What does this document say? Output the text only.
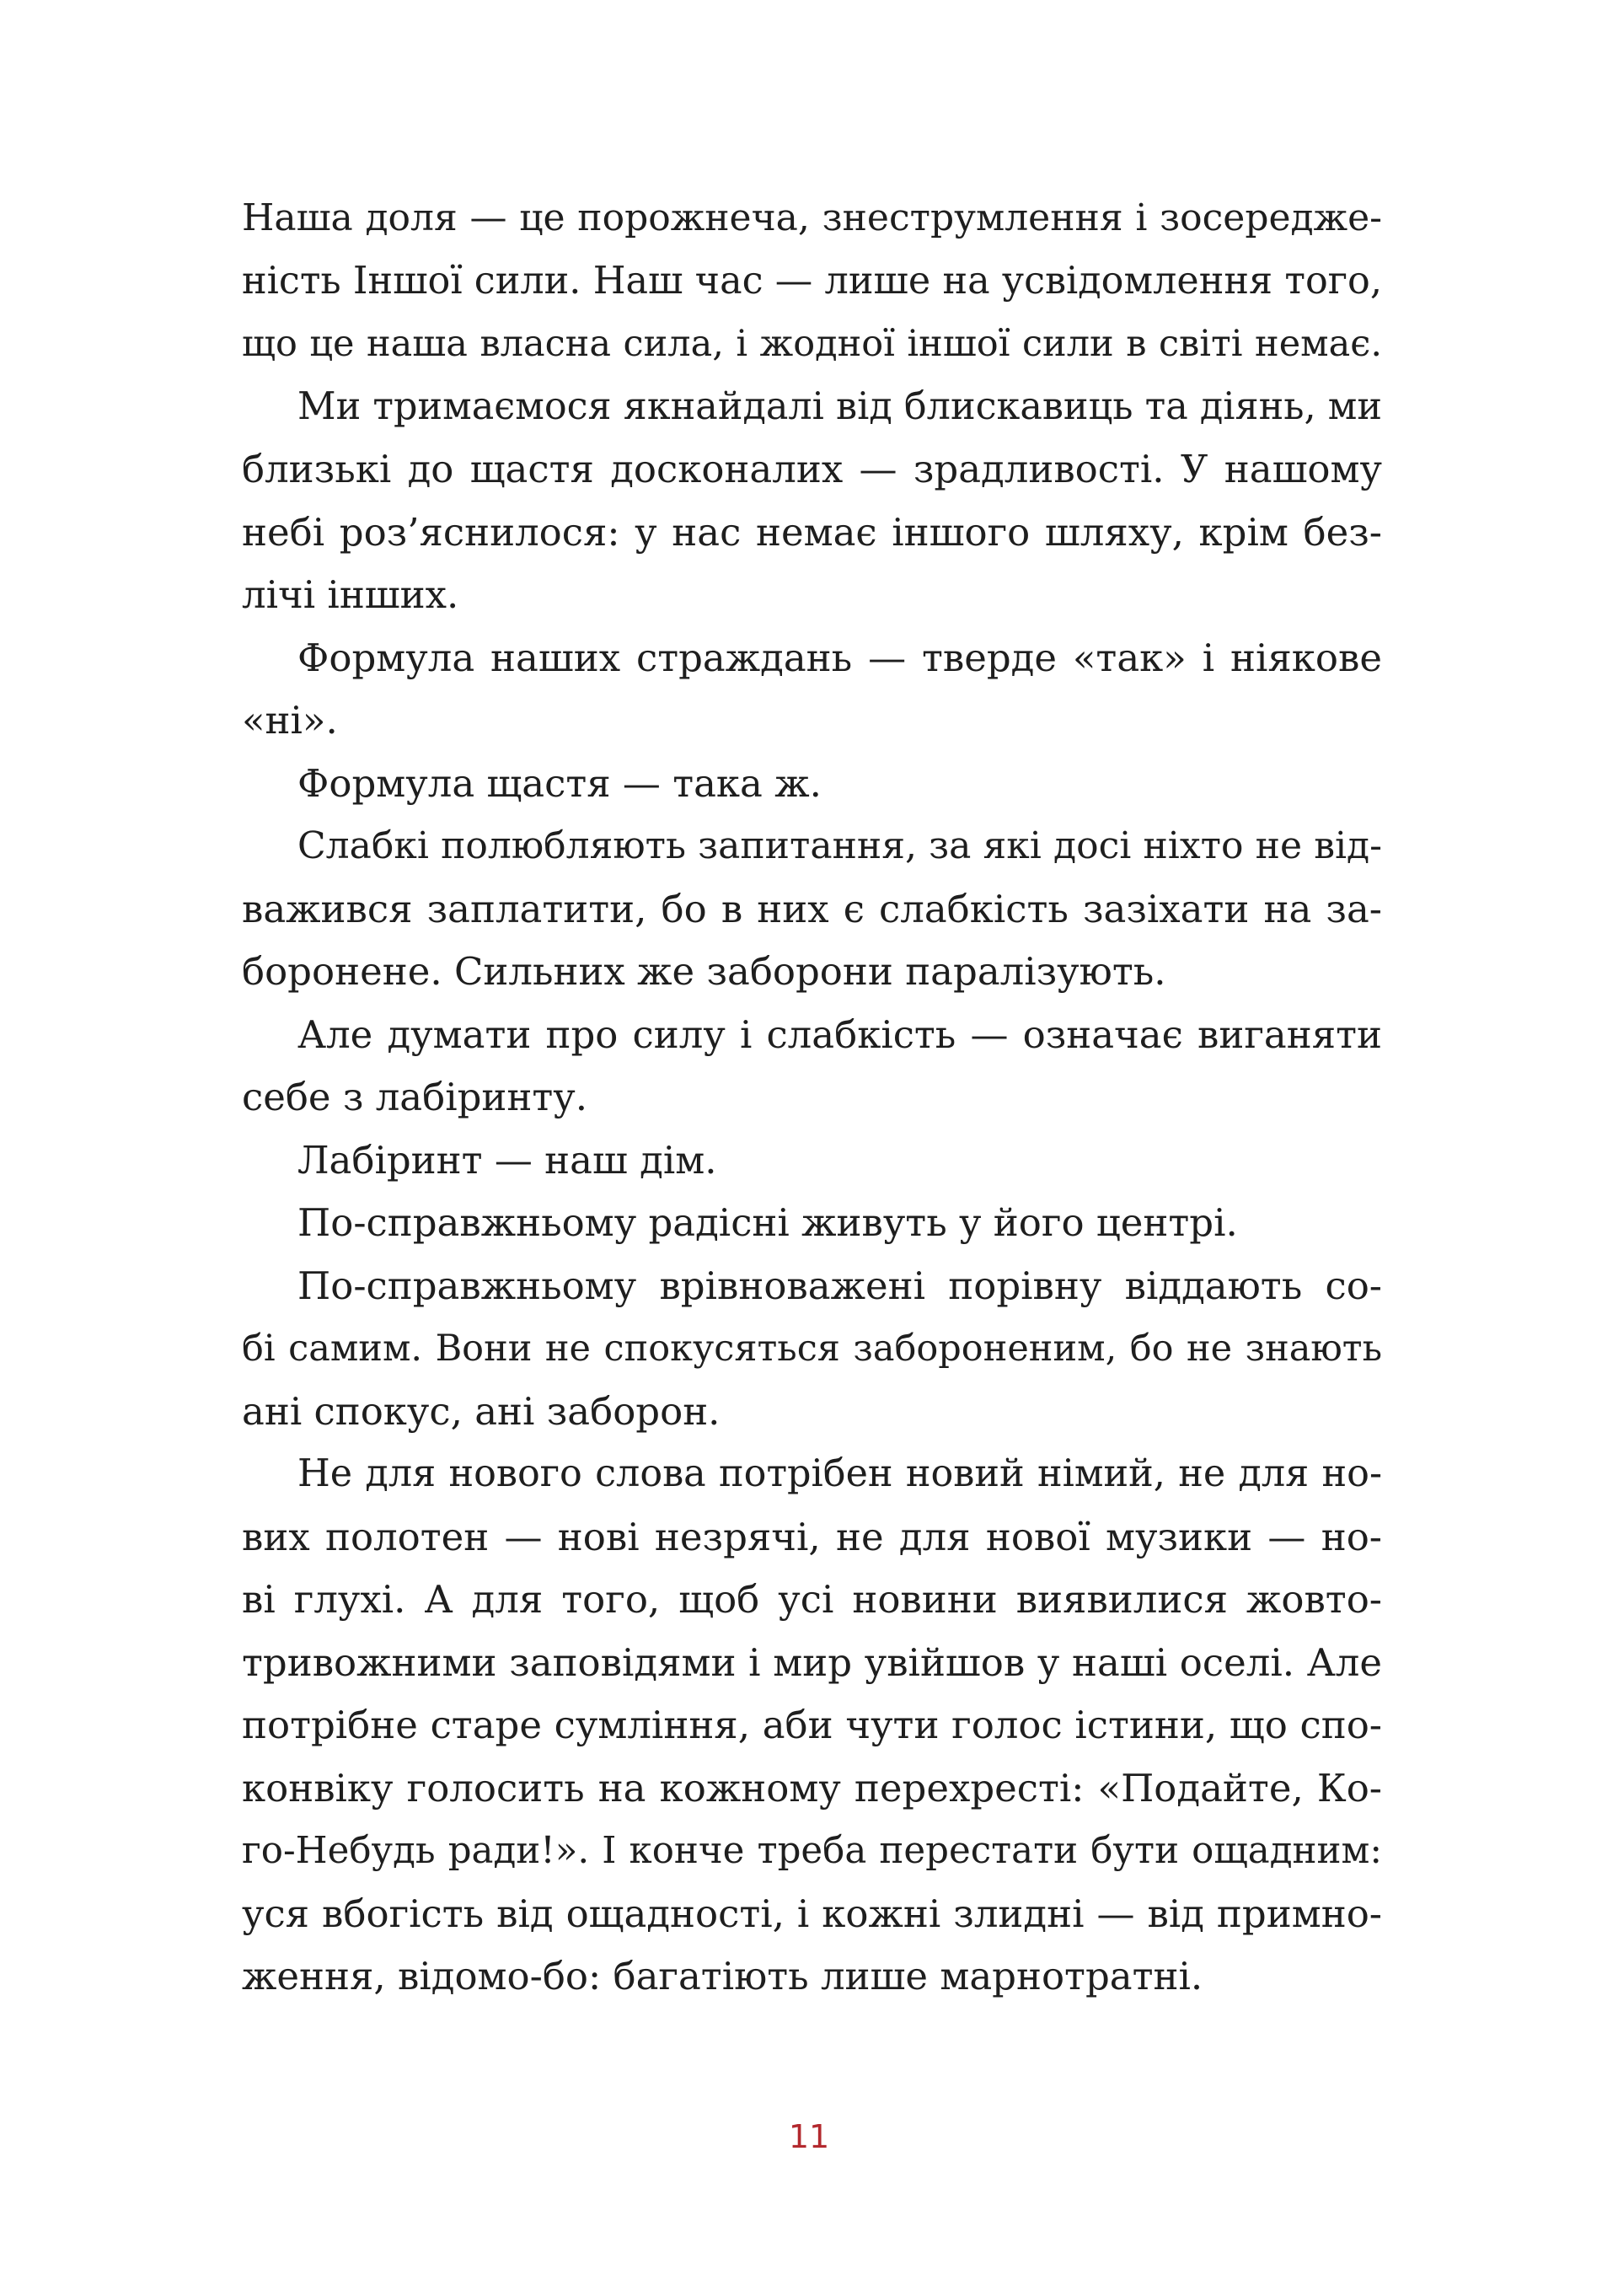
Наша доля — це порожнеча, знеструмлення і зосередже-
ність Іншої сили. Наш час — лише на усвідомлення того,
що це наша власна сила, і жодної іншої сили в світі немає.
Ми тримаємося якнайдалі від блискавиць та діянь, ми
близькі до щастя досконалих — зрадливості. У нашому
небі роз’яснилося: у нас немає іншого шляху, крім без-
лічі інших.
Формула наших страждань — тверде «так» і ніякове
«ні».
Формула щастя — така ж.
Слабкі полюбляють запитання, за які досі ніхто не від-
важився заплатити, бо в них є слабкість зазіхати на за-
боронене. Сильних же заборони паралізують.
Але думати про силу і слабкість — означає виганяти
себе з лабіринту.
Лабіринт — наш дім.
По-справжньому радісні живуть у його центрі.
По-справжньому врівноважені порівну віддають со-
бі самим. Вони не спокусяться забороненим, бо не знають
ані спокус, ані заборон.
Не для нового слова потрібен новий німий, не для но-
вих полотен — нові незрячі, не для нової музики — но-
ві глухі. А для того, щоб усі новини виявилися жовто-
тривожними заповідями і мир увійшов у наші оселі. Але
потрібне старе сумління, аби чути голос істини, що спо-
конвіку голосить на кожному перехресті: «Подайте, Ко-
го-Небудь ради!». І конче треба перестати бути ощадним:
уся вбогість від ощадності, і кожні злидні — від примно-
ження, відомо-бо: багатіють лише марнотратні.
11
